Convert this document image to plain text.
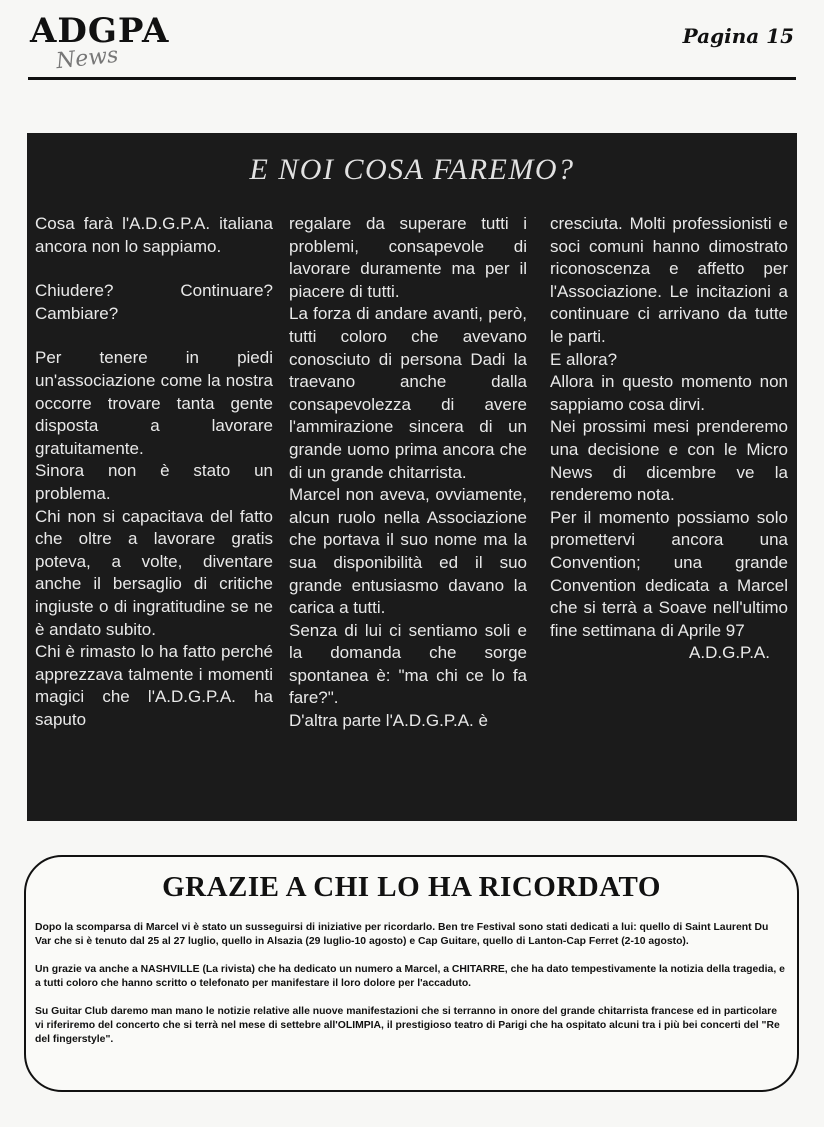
ADGPA
News
Pagina 15
E NOI COSA FAREMO?

Cosa farà l'A.D.G.P.A. italiana ancora non lo sappiamo.

Chiudere? Continuare? Cambiare?

Per tenere in piedi un'associazione come la nostra occorre trovare tanta gente disposta a lavorare gratuitamente.

Sinora non è stato un problema.

Chi non si capacitava del fatto che oltre a lavorare gratis poteva, a volte, diventare anche il bersaglio di critiche ingiuste o di ingratitudine se ne è andato subito.

Chi è rimasto lo ha fatto perché apprezzava talmente i momenti magici che l'A.D.G.P.A. ha saputo

regalare da superare tutti i problemi, consapevole di lavorare duramente ma per il piacere di tutti.

La forza di andare avanti, però, tutti coloro che avevano conosciuto di persona Dadi la traevano anche dalla consapevolezza di avere l'ammirazione sincera di un grande uomo prima ancora che di un grande chitarrista.

Marcel non aveva, ovviamente, alcun ruolo nella Associazione che portava il suo nome ma la sua disponibilità ed il suo grande entusiasmo davano la carica a tutti.

Senza di lui ci sentiamo soli e la domanda che sorge spontanea è: "ma chi ce lo fa fare?".

D'altra parte l'A.D.G.P.A. è

cresciuta. Molti professionisti e soci comuni hanno dimostrato riconoscenza e affetto per l'Associazione. Le incitazioni a continuare ci arrivano da tutte le parti.

E allora?

Allora in questo momento non sappiamo cosa dirvi.

Nei prossimi mesi prenderemo una decisione e con le Micro News di dicembre ve la renderemo nota.

Per il momento possiamo solo promettervi ancora una Convention; una grande Convention dedicata a Marcel che si terrà a Soave nell'ultimo fine settimana di Aprile 97

A.D.G.P.A.

GRAZIE A CHI LO HA RICORDATO

Dopo la scomparsa di Marcel vi è stato un susseguirsi di iniziative per ricordarlo. Ben tre Festival sono stati dedicati a lui: quello di Saint Laurent Du Var che si è tenuto dal 25 al 27 luglio, quello in Alsazia (29 luglio-10 agosto) e Cap Guitare, quello di Lanton-Cap Ferret (2-10 agosto).

Un grazie va anche a NASHVILLE (La rivista) che ha dedicato un numero a Marcel, a CHITARRE, che ha dato tempestivamente la notizia della tragedia, e a tutti coloro che hanno scritto o telefonato per manifestare il loro dolore per l'accaduto.

Su Guitar Club daremo man mano le notizie relative alle nuove manifestazioni che si terranno in onore del grande chitarrista francese ed in particolare vi riferiremo del concerto che si terrà nel mese di settebre all'OLIMPIA, il prestigioso teatro di Parigi che ha ospitato alcuni tra i più bei concerti del "Re del fingerstyle".
